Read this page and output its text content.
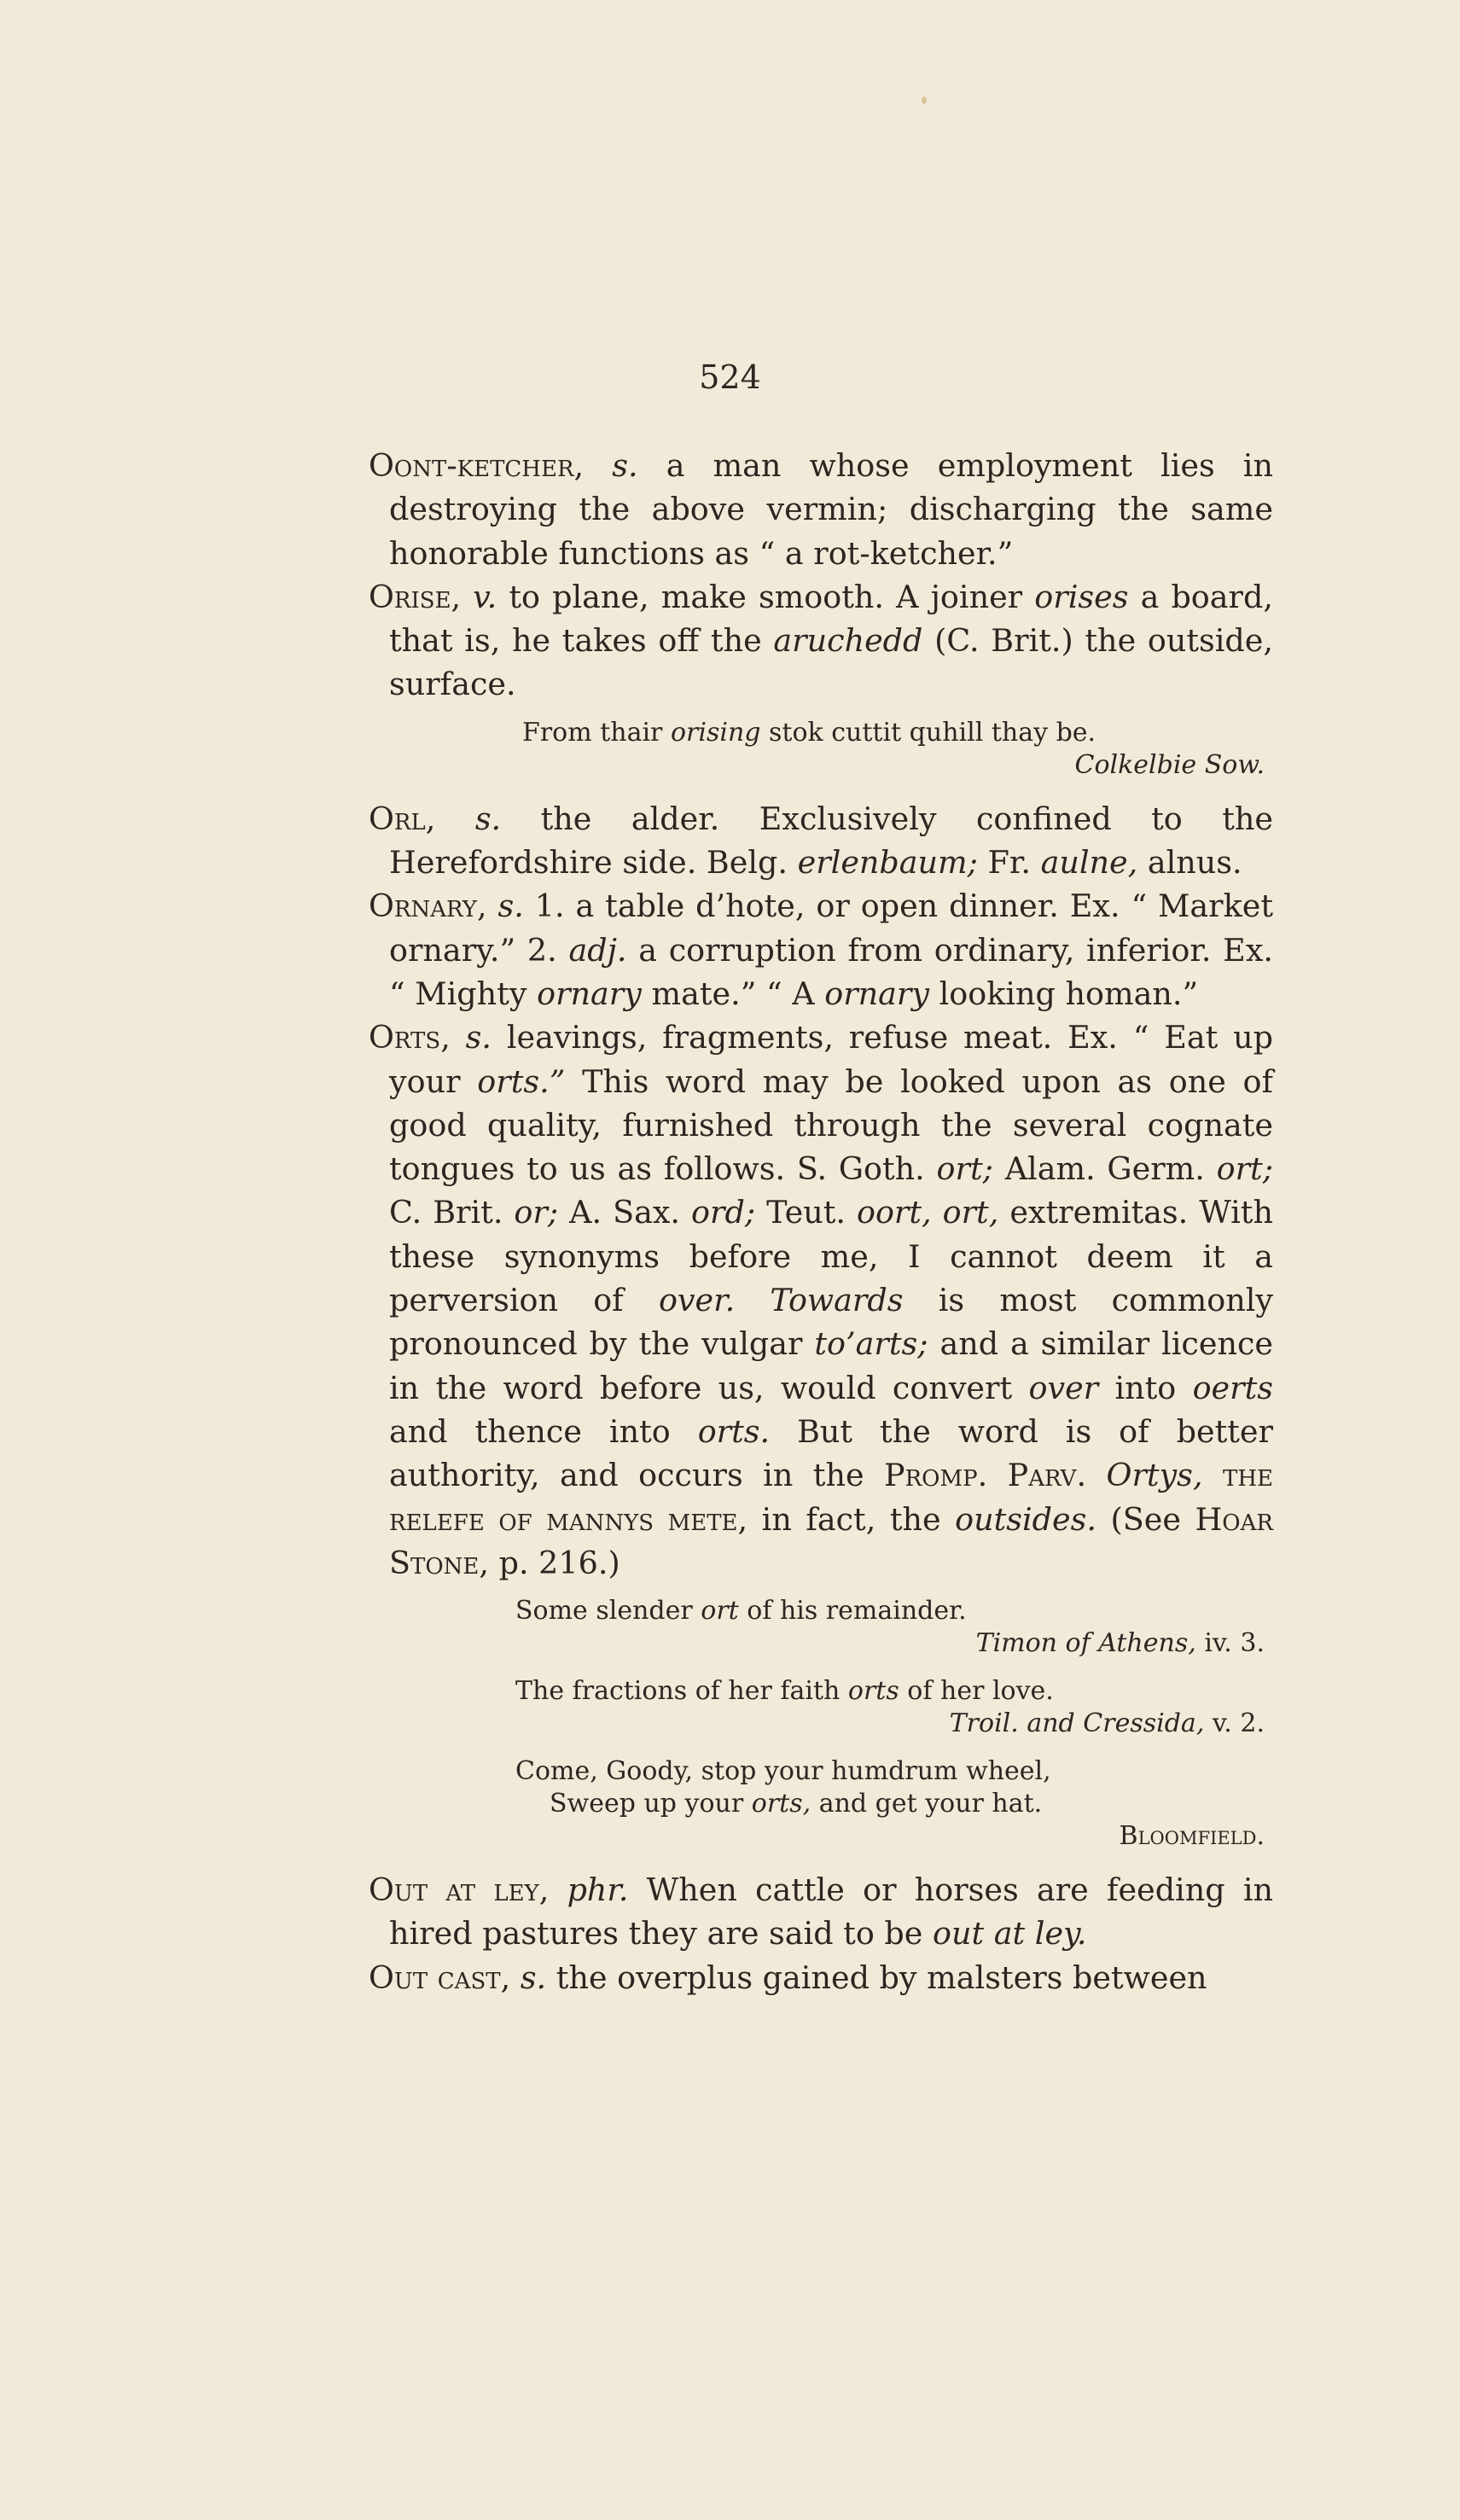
524

Oont-ketcher, s. a man whose employment lies in destroying the above vermin; discharging the same honorable functions as “ a rot-ketcher.”

Orise, v. to plane, make smooth. A joiner orises a board, that is, he takes off the aruchedd (C. Brit.) the outside, surface.

From thair orising stok cuttit quhill thay be.
Colkelbie Sow.

Orl, s. the alder. Exclusively confined to the Herefordshire side. Belg. erlenbaum; Fr. aulne, alnus.

Ornary, s. 1. a table d’hote, or open dinner. Ex. “ Market ornary.” 2. adj. a corruption from ordinary, inferior. Ex. “ Mighty ornary mate.” “ A ornary looking homan.”

Orts, s. leavings, fragments, refuse meat. Ex. “ Eat up your orts.” This word may be looked upon as one of good quality, furnished through the several cognate tongues to us as follows. S. Goth. ort; Alam. Germ. ort; C. Brit. or; A. Sax. ord; Teut. oort, ort, extremitas. With these synonyms before me, I cannot deem it a perversion of over. Towards is most commonly pronounced by the vulgar to’arts; and a similar licence in the word before us, would convert over into oerts and thence into orts. But the word is of better authority, and occurs in the Promp. Parv. Ortys, the relefe of mannys mete, in fact, the outsides. (See Hoar Stone, p. 216.)

Some slender ort of his remainder.
Timon of Athens, iv. 3.
The fractions of her faith orts of her love.
Troil. and Cressida, v. 2.
Come, Goody, stop your humdrum wheel,
Sweep up your orts, and get your hat.
Bloomfield.

Out at ley, phr. When cattle or horses are feeding in hired pastures they are said to be out at ley.

Out cast, s. the overplus gained by malsters between
